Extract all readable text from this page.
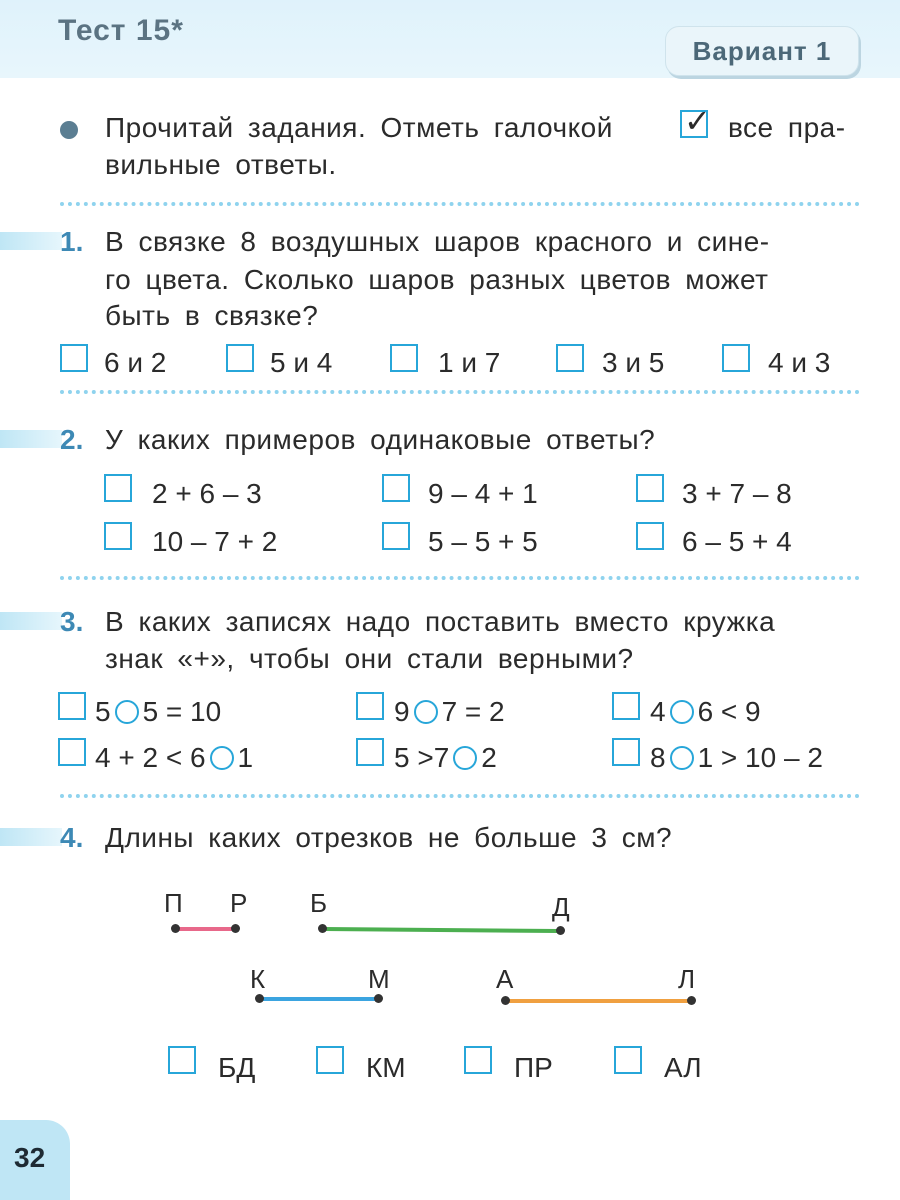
Тест 15*
Вариант 1
Прочитай задания. Отметь галочкой ✓ все пра-
вильные ответы.
1. В связке 8 воздушных шаров красного и сине-
го цвета. Сколько шаров разных цветов может
быть в связке?
6 и 2	5 и 4	1 и 7	3 и 5	4 и 3
2. У каких примеров одинаковые ответы?
2 + 6 – 3	9 – 4 + 1	3 + 7 – 8
10 – 7 + 2	5 – 5 + 5	6 – 5 + 4
3. В каких записях надо поставить вместо кружка
знак «+», чтобы они стали верными?
5 5 = 10	9 7 = 2	4 6 < 9
4 + 2 < 6 1	5 >7 2	8 1 > 10 – 2
4. Длины каких отрезков не больше 3 см?
П Р Б	Д
К	М	А	Л
БД	КМ	ПР	АЛ
32
